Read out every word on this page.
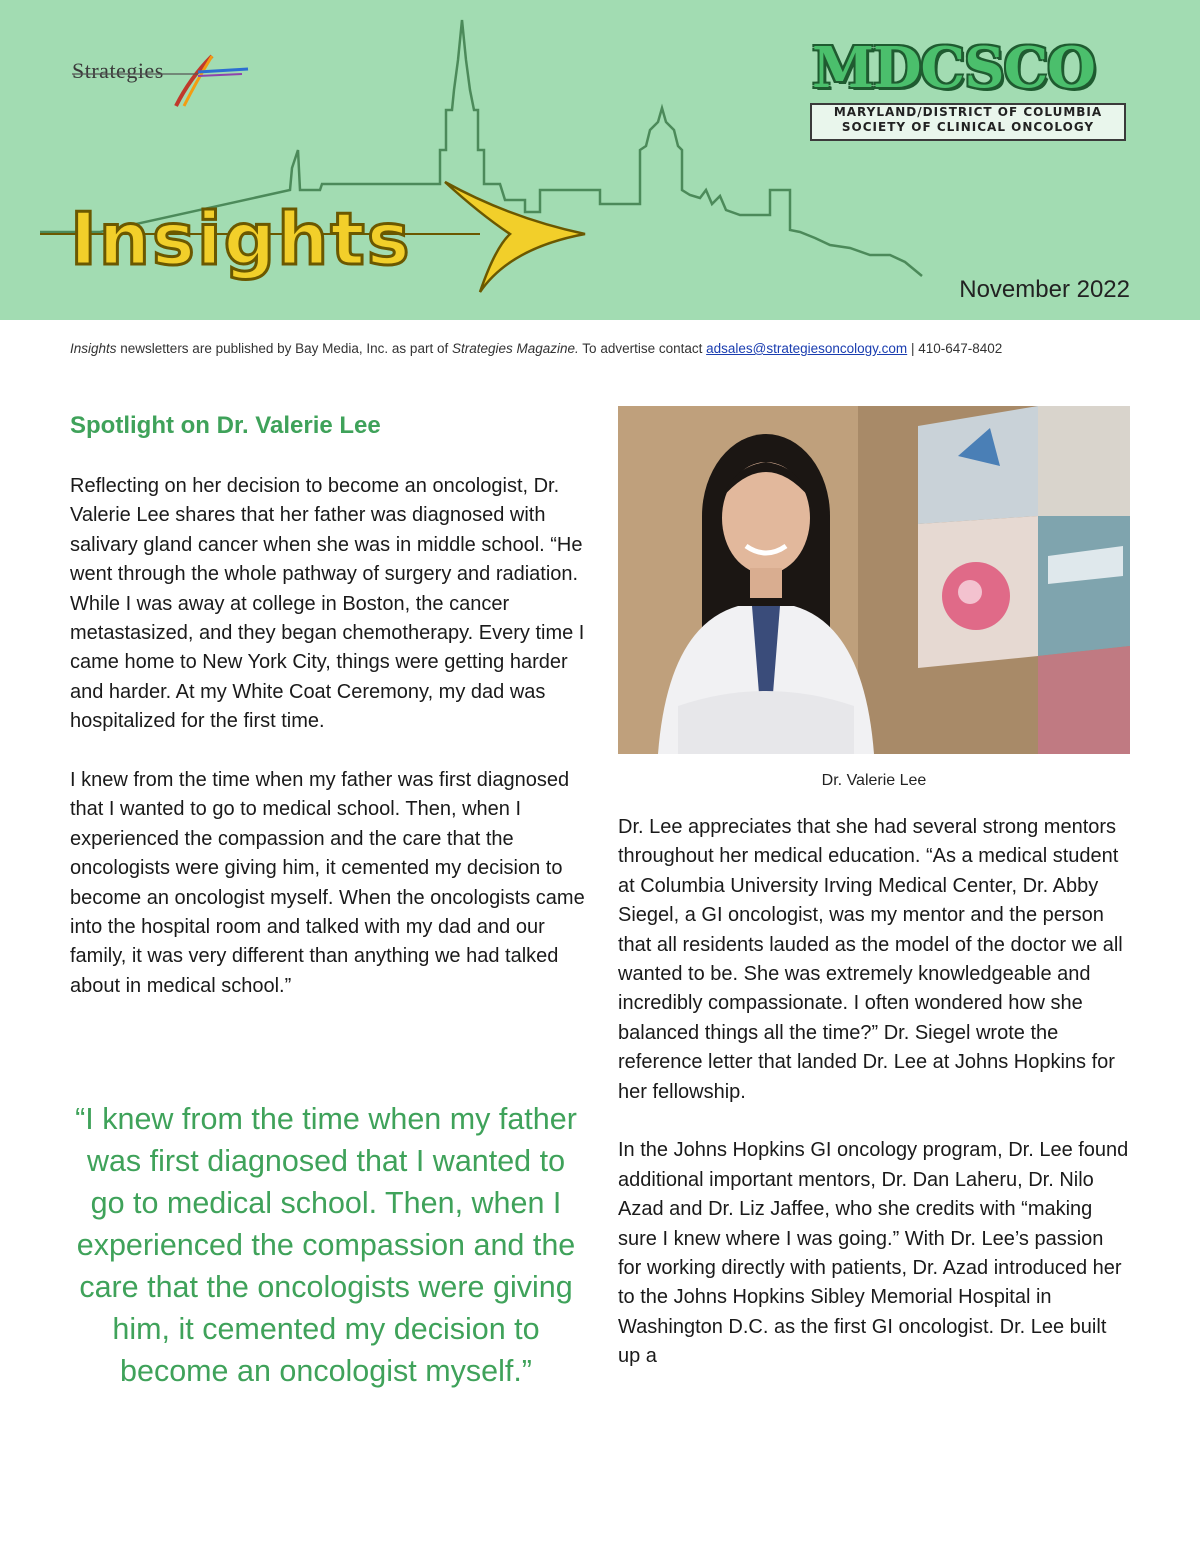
Strategies
Insights
MDCSCO
MARYLAND/DISTRICT OF COLUMBIA
SOCIETY OF CLINICAL ONCOLOGY
November 2022
Insights newsletters are published by Bay Media, Inc. as part of Strategies Magazine. To advertise contact adsales@strategiesoncology.com | 410-647-8402
Spotlight on Dr. Valerie Lee

Reflecting on her decision to become an oncologist, Dr. Valerie Lee shares that her father was diagnosed with salivary gland cancer when she was in middle school. “He went through the whole pathway of surgery and radiation. While I was away at college in Boston, the cancer metastasized, and they began chemotherapy. Every time I came home to New York City, things were getting harder and harder. At my White Coat Ceremony, my dad was hospitalized for the first time.

I knew from the time when my father was first diagnosed that I wanted to go to medical school. Then, when I experienced the compassion and the care that the oncologists were giving him, it cemented my decision to become an oncologist myself. When the oncologists came into the hospital room and talked with my dad and our family, it was very different than anything we had talked about in medical school.”

“I knew from the time when my father was first diagnosed that I wanted to go to medical school. Then, when I experienced the compassion and the care that the oncologists were giving him, it cemented my decision to become an oncologist myself.”
Dr. Valerie Lee

Dr. Lee appreciates that she had several strong mentors throughout her medical education. “As a medical student at Columbia University Irving Medical Center, Dr. Abby Siegel, a GI oncologist, was my mentor and the person that all residents lauded as the model of the doctor we all wanted to be. She was extremely knowledgeable and incredibly compassionate. I often wondered how she balanced things all the time?” Dr. Siegel wrote the reference letter that landed Dr. Lee at Johns Hopkins for her fellowship.

In the Johns Hopkins GI oncology program, Dr. Lee found additional important mentors, Dr. Dan Laheru, Dr. Nilo Azad and Dr. Liz Jaffee, who she credits with “making sure I knew where I was going.” With Dr. Lee’s passion for working directly with patients, Dr. Azad introduced her to the Johns Hopkins Sibley Memorial Hospital in Washington D.C. as the first GI oncologist. Dr. Lee built up a
